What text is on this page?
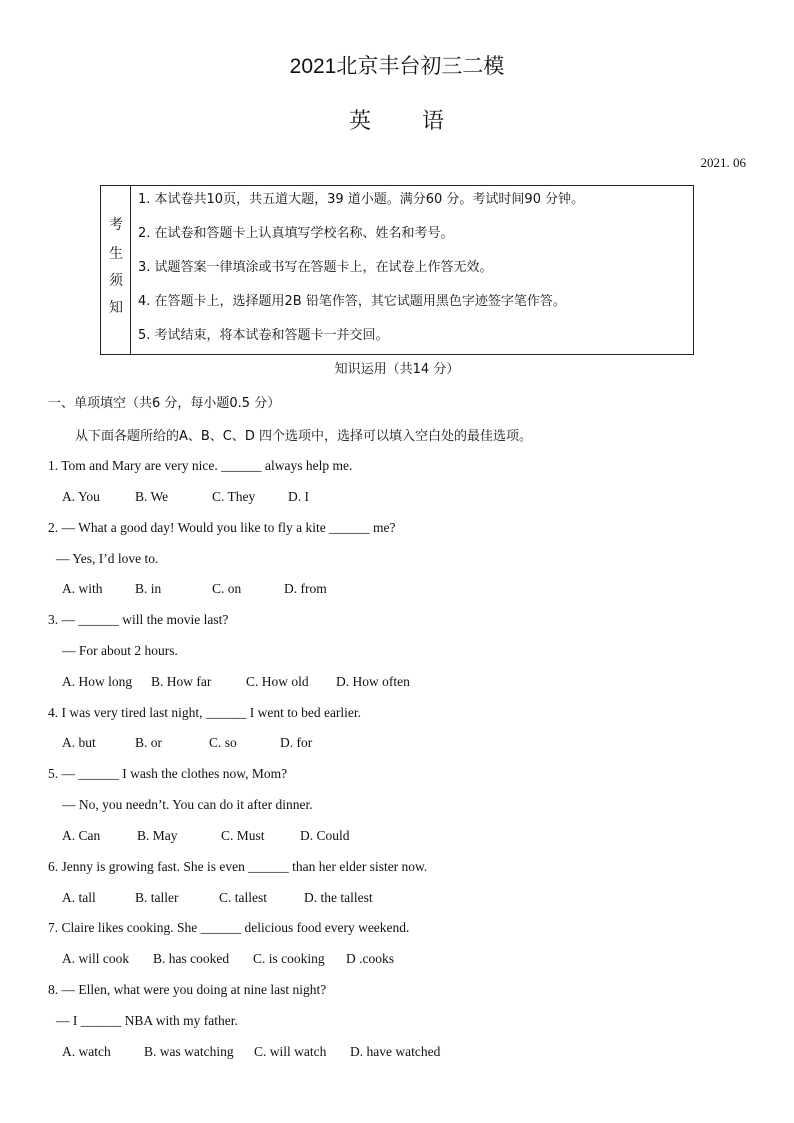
2021北京丰台初三二模
英 语
2021. 06
考
生
须
知
1. 本试卷共10页，共五道大题，39 道小题。满分60 分。考试时间90 分钟。
2. 在试卷和答题卡上认真填写学校名称、姓名和考号。
3. 试题答案一律填涂或书写在答题卡上，在试卷上作答无效。
4. 在答题卡上，选择题用2B 铅笔作答，其它试题用黑色字迹签字笔作答。
5. 考试结束，将本试卷和答题卡一并交回。
知识运用（共14 分）
一、单项填空（共6 分，每小题0.5 分）
从下面各题所给的A、B、C、D 四个选项中，选择可以填入空白处的最佳选项。
1. Tom and Mary are very nice. ______ always help me.
A. You	B. We	C. They D. I
2. — What a good day! Would you like to fly a kite ______ me?
— Yes, I’d love to.
A. with B. in	C. on	D. from
3. — ______ will the movie last?
— For about 2 hours.
A. How long B. How far	C. How old D. How often
4. I was very tired last night, ______ I went to bed earlier.
A. but	B. or	C. so	D. for
5. — ______ I wash the clothes now, Mom?
— No, you needn’t. You can do it after dinner.
A. Can	B. May	C. Must	D. Could
6. Jenny is growing fast. She is even ______ than her elder sister now.
A. tall	B. taller	C. tallest	D. the tallest
7. Claire likes cooking. She ______ delicious food every weekend.
A. will cook B. has cooked C. is cooking D .cooks
8. — Ellen, what were you doing at nine last night?
— I ______ NBA with my father.
A. watch B. was watching C. will watch D. have watched
